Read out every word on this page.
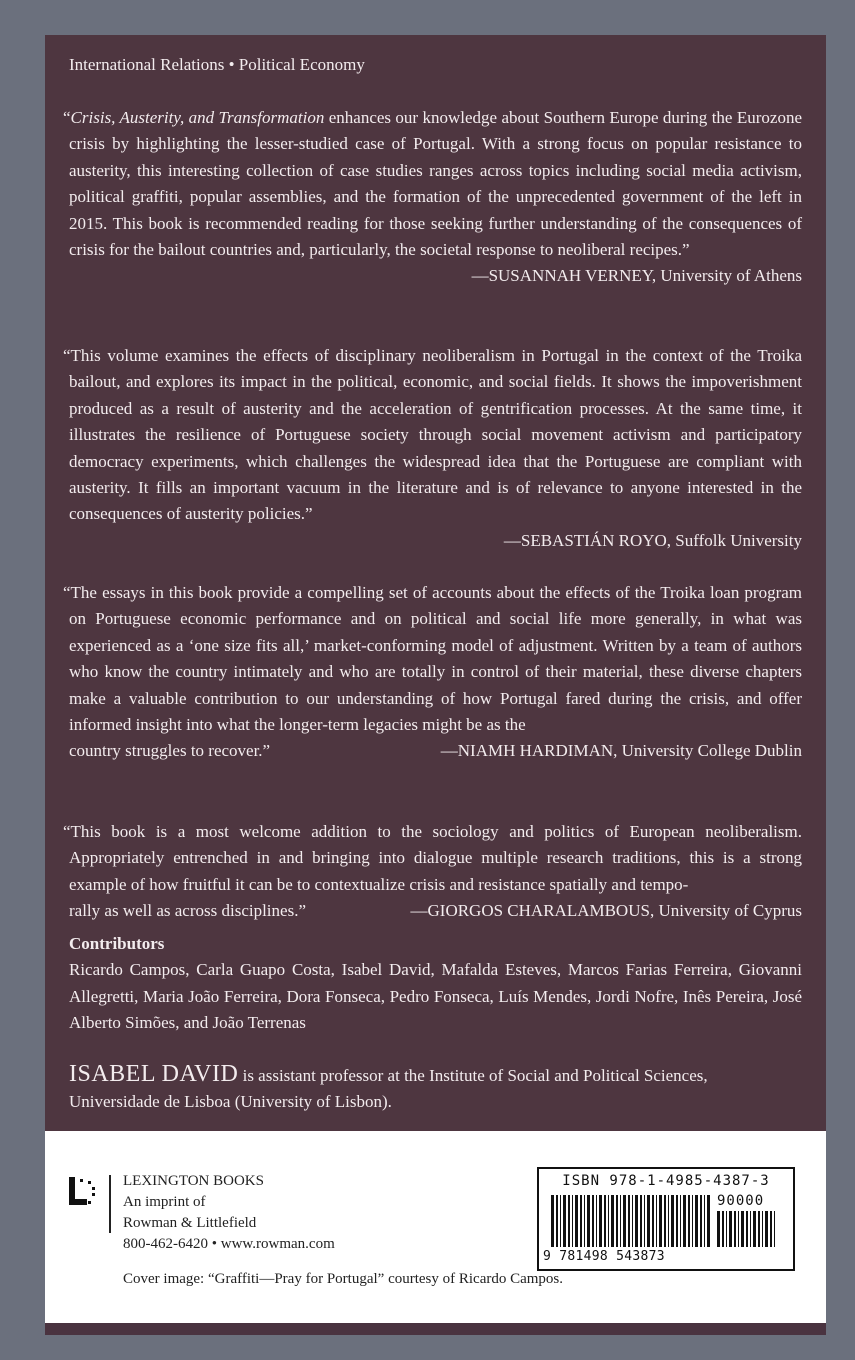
International Relations • Political Economy

“Crisis, Austerity, and Transformation enhances our knowledge about Southern Europe during the Eurozone crisis by highlighting the lesser-studied case of Portugal. With a strong focus on popular resistance to austerity, this interesting collection of case studies ranges across topics including social media activism, political graffiti, popular assemblies, and the formation of the unprecedented government of the left in 2015. This book is recommended reading for those seeking further understanding of the consequences of crisis for the bailout countries and, particularly, the societal response to neoliberal recipes.”

—SUSANNAH VERNEY, University of Athens

“This volume examines the effects of disciplinary neoliberalism in Portugal in the context of the Troika bailout, and explores its impact in the political, economic, and social fields. It shows the impoverishment produced as a result of austerity and the acceleration of gentrification processes. At the same time, it illustrates the resilience of Portuguese society through social movement activism and participatory democracy experiments, which challenges the widespread idea that the Portuguese are compliant with austerity. It fills an important vacuum in the literature and is of relevance to anyone interested in the consequences of austerity policies.”

—SEBASTIÁN ROYO, Suffolk University

“The essays in this book provide a compelling set of accounts about the effects of the Troika loan program on Portuguese economic performance and on political and social life more generally, in what was experienced as a ‘one size fits all,’ market-conforming model of adjustment. Written by a team of authors who know the country intimately and who are totally in control of their material, these diverse chapters make a valuable contribution to our understanding of how Portugal fared during the crisis, and offer informed insight into what the longer-term legacies might be as the

country struggles to recover.”	—NIAMH HARDIMAN, University College Dublin

“This book is a most welcome addition to the sociology and politics of European neoliberalism. Appropriately entrenched in and bringing into dialogue multiple research traditions, this is a strong example of how fruitful it can be to contextualize crisis and resistance spatially and tempo-

rally as well as across disciplines.”	—GIORGOS CHARALAMBOUS, University of Cyprus
Contributors
Ricardo Campos, Carla Guapo Costa, Isabel David, Mafalda Esteves, Marcos Farias Ferreira, Giovanni Allegretti, Maria João Ferreira, Dora Fonseca, Pedro Fonseca, Luís Mendes, Jordi Nofre, Inês Pereira, José Alberto Simões, and João Terrenas
ISABEL DAVID is assistant professor at the Institute of Social and Political Sciences, Universidade de Lisboa (University of Lisbon).
LEXINGTON BOOKS
An imprint of
Rowman & Littlefield
800-462-6420 • www.rowman.com
ISBN 978-1-4985-4387-3
90000
9 781498 543873
Cover image: “Graffiti—Pray for Portugal” courtesy of Ricardo Campos.
